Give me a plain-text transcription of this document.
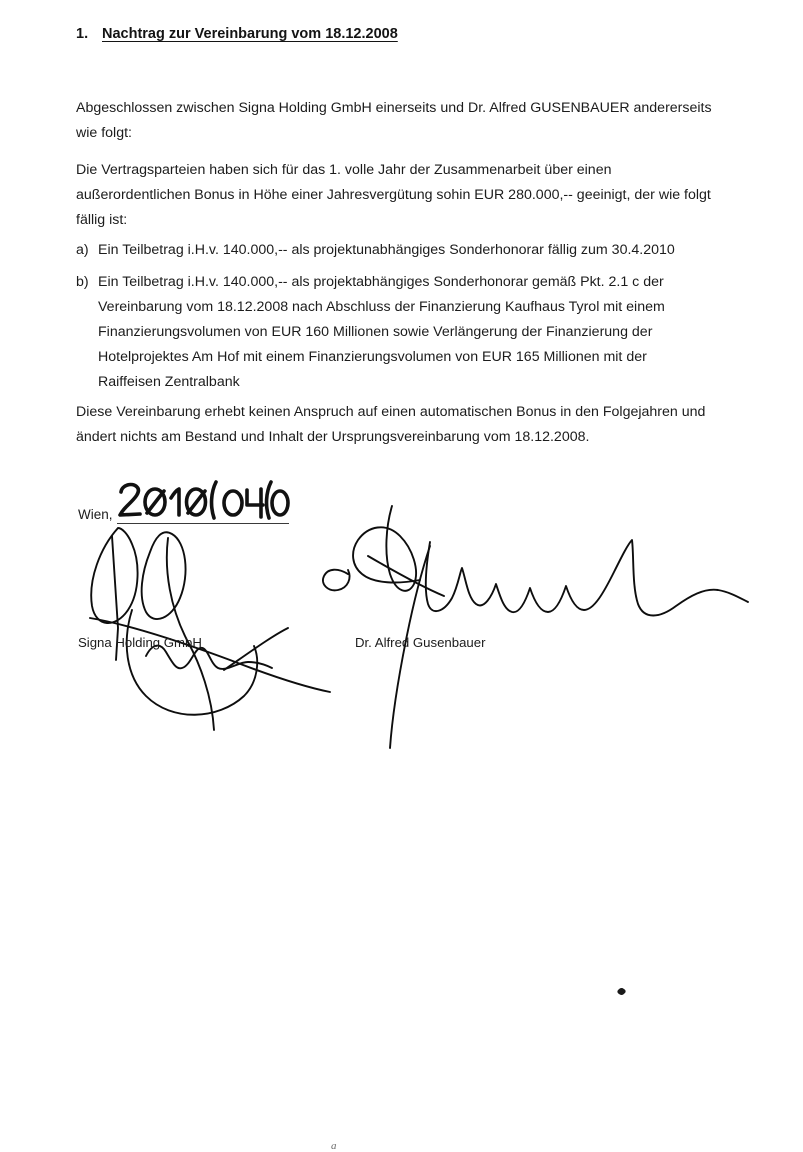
1. Nachtrag zur Vereinbarung vom 18.12.2008
Abgeschlossen zwischen Signa Holding GmbH einerseits und Dr. Alfred GUSENBAUER andererseits
wie folgt:
Die Vertragsparteien haben sich für das 1. volle Jahr der Zusammenarbeit über einen
außerordentlichen Bonus in Höhe einer Jahresvergütung sohin EUR 280.000,-- geeinigt, der wie folgt
fällig ist:
a) Ein Teilbetrag i.H.v. 140.000,-- als projektunabhängiges Sonderhonorar fällig zum 30.4.2010
b) Ein Teilbetrag i.H.v. 140.000,-- als projektabhängiges Sonderhonorar gemäß Pkt. 2.1 c der
Vereinbarung vom 18.12.2008 nach Abschluss der Finanzierung Kaufhaus Tyrol mit einem
Finanzierungsvolumen von EUR 160 Millionen sowie Verlängerung der Finanzierung der
Hotelprojektes Am Hof mit einem Finanzierungsvolumen von EUR 165 Millionen mit der
Raiffeisen Zentralbank
Diese Vereinbarung erhebt keinen Anspruch auf einen automatischen Bonus in den Folgejahren und
ändert nichts am Bestand und Inhalt der Ursprungsvereinbarung vom 18.12.2008.
Wien,
a
Signa Holding GmbH	Dr. Alfred Gusenbauer
